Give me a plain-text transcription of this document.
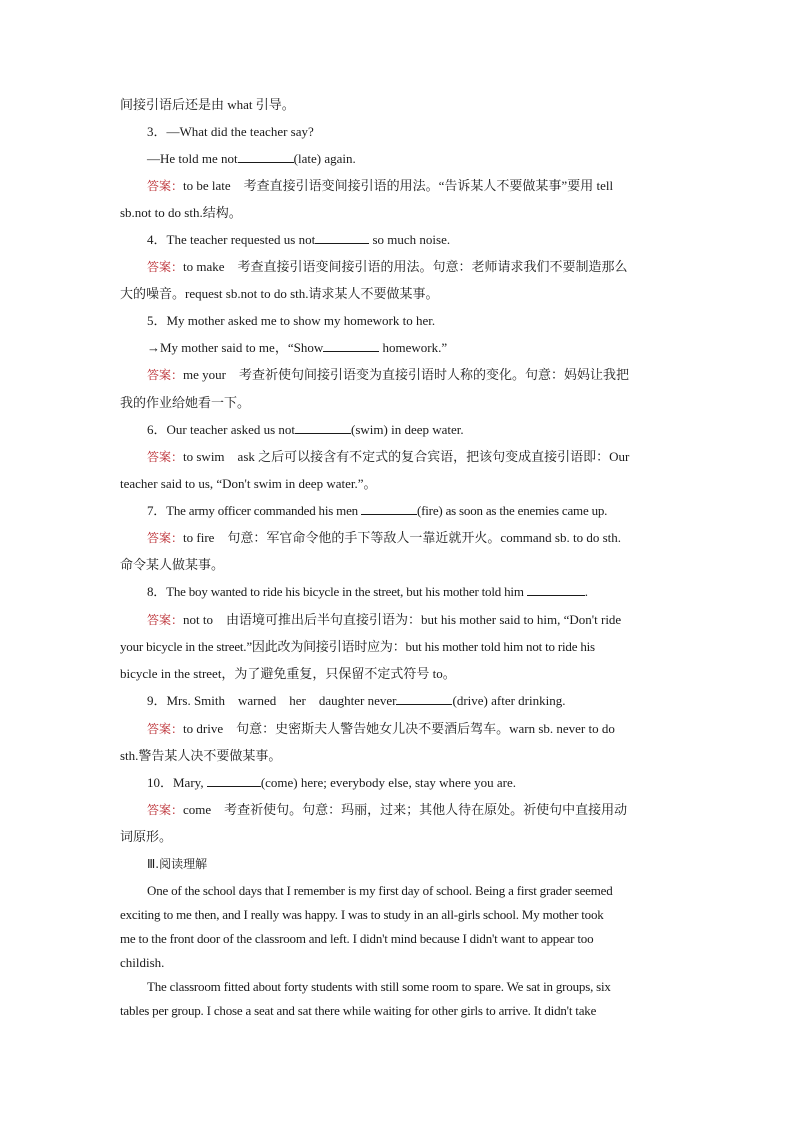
间接引语后还是由 what 引导。
3．—What did the teacher say?
—He told me not	(late) again.
答案：to be late　考查直接引语变间接引语的用法。“告诉某人不要做某事”要用 tell
sb.not to do sth.结构。
4．The teacher requested us not	so much noise.
答案：to make　考查直接引语变间接引语的用法。句意：老师请求我们不要制造那么
大的噪音。request sb.not to do sth.请求某人不要做某事。
5．My mother asked me to show my homework to her.
→My mother said to me，“Show	homework.”
答案：me your　考查祈使句间接引语变为直接引语时人称的变化。句意：妈妈让我把
我的作业给她看一下。
6．Our teacher asked us not	(swim) in deep water.
答案：to swim　ask 之后可以接含有不定式的复合宾语，把该句变成直接引语即：Our
teacher said to us, “Don't swim in deep water.”。
7．The army officer commanded his men	(fire) as soon as the enemies came up.
答案：to fire　句意：军官命令他的手下等敌人一靠近就开火。command sb. to do sth.
命令某人做某事。
8．The boy wanted to ride his bicycle in the street, but his mother told him	.
答案：not to　由语境可推出后半句直接引语为：but his mother said to him, “Don't ride
your bicycle in the street.”因此改为间接引语时应为：but his mother told him not to ride his
bicycle in the street，为了避免重复，只保留不定式符号 to。
9．Mrs. Smith　warned　her　daughter never	(drive) after drinking.
答案：to drive　句意：史密斯夫人警告她女儿决不要酒后驾车。warn sb. never to do
sth.警告某人决不要做某事。
10．Mary,	(come) here; everybody else, stay where you are.
答案：come　考查祈使句。句意：玛丽，过来；其他人待在原处。祈使句中直接用动
词原形。
Ⅲ.阅读理解
One of the school days that I remember is my first day of school. Being a first grader seemed
exciting to me then, and I really was happy. I was to study in an all-girls school. My mother took
me to the front door of the classroom and left. I didn't mind because I didn't want to appear too
childish.
The classroom fitted about forty students with still some room to spare. We sat in groups, six
tables per group. I chose a seat and sat there while waiting for other girls to arrive. It didn't take
